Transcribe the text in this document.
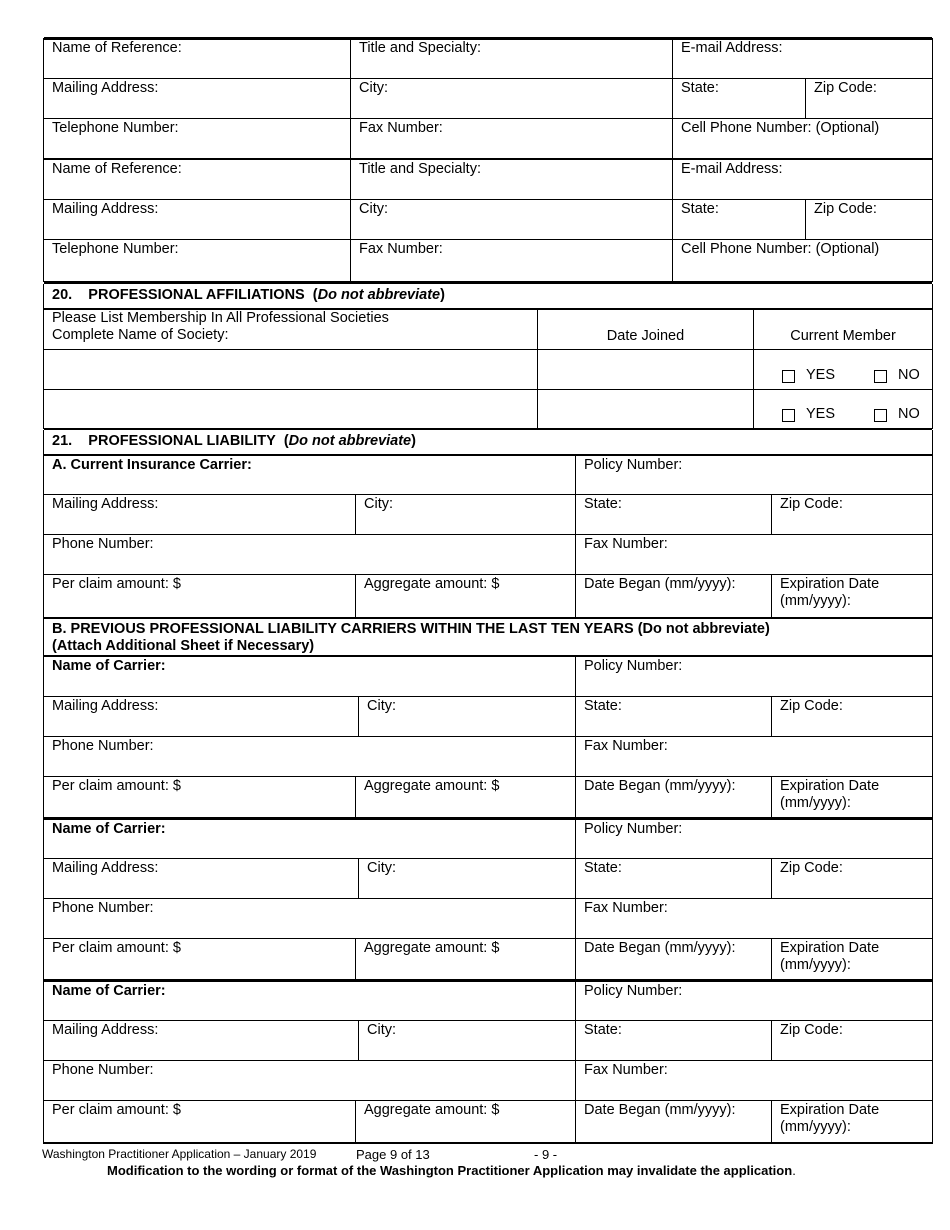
Name of Reference:	Title and Specialty:	E-mail Address:
Mailing Address:	City:	State:	Zip Code:
Telephone Number:	Fax Number:	Cell Phone Number: (Optional)
Name of Reference:	Title and Specialty:	E-mail Address:
Mailing Address:	City:	State:	Zip Code:
Telephone Number:	Fax Number:	Cell Phone Number: (Optional)
20. PROFESSIONAL AFFILIATIONS (Do not abbreviate)
Please List Membership In All Professional Societies
Complete Name of Society:	Date Joined	Current Member
YES	NO
YES	NO
21. PROFESSIONAL LIABILITY (Do not abbreviate)
A. Current Insurance Carrier:	Policy Number:
Mailing Address:	City:	State:	Zip Code:
Phone Number:	Fax Number:
Per claim amount: $	Aggregate amount: $	Date Began (mm/yyyy):	Expiration Date
(mm/yyyy):
B. PREVIOUS PROFESSIONAL LIABILITY CARRIERS WITHIN THE LAST TEN YEARS (Do not abbreviate)
(Attach Additional Sheet if Necessary)
Name of Carrier:	Policy Number:
Mailing Address:	City:	State:	Zip Code:
Phone Number:	Fax Number:
Per claim amount: $	Aggregate amount: $	Date Began (mm/yyyy):	Expiration Date
(mm/yyyy):
Name of Carrier:	Policy Number:
Mailing Address:	City:	State:	Zip Code:
Phone Number:	Fax Number:
Per claim amount: $	Aggregate amount: $	Date Began (mm/yyyy):	Expiration Date
(mm/yyyy):
Name of Carrier:	Policy Number:
Mailing Address:	City:	State:	Zip Code:
Phone Number:	Fax Number:
Per claim amount: $	Aggregate amount: $	Date Began (mm/yyyy):	Expiration Date
(mm/yyyy):
Washington Practitioner Application – January 2019	Page 9 of 13	- 9 -
Modification to the wording or format of the Washington Practitioner Application may invalidate the application.
